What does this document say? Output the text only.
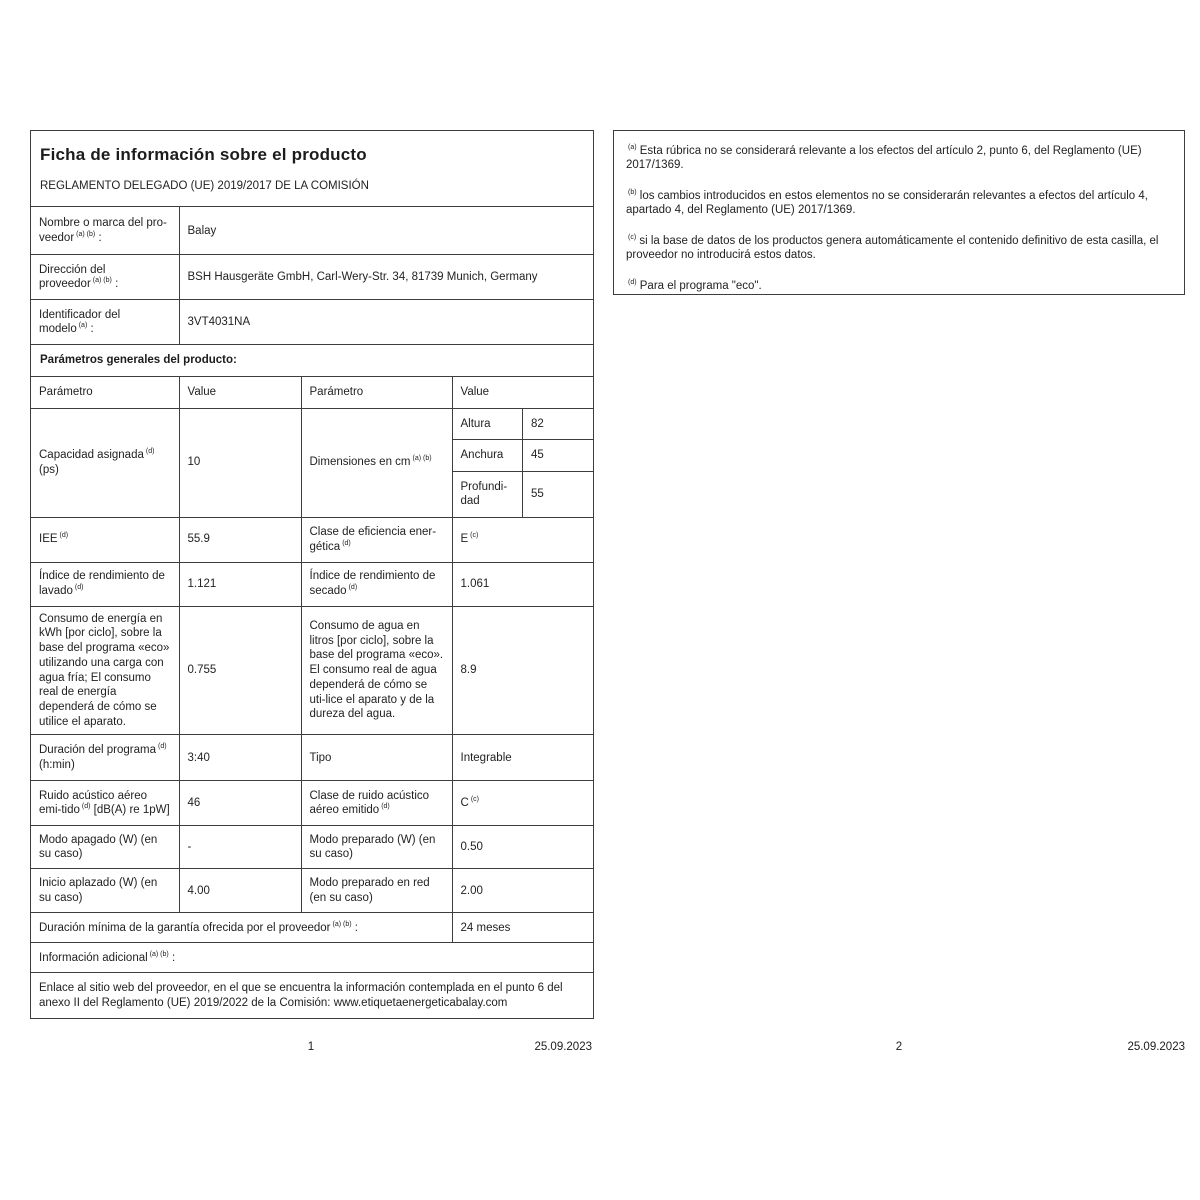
Ficha de información sobre el producto

REGLAMENTO DELEGADO (UE) 2019/2017 DE LA COMISIÓN

Nombre o marca del pro-veedor $^{(a) (b)}$ :	Balay
Dirección del proveedor $^{(a) (b)}$ :	BSH Hausgeräte GmbH, Carl-Wery-Str. 34, 81739 Munich, Germany
Identificador del modelo $^{(a)}$ :	3VT4031NA
Parámetros generales del producto:
Parámetro	Value	Parámetro	Value
Capacidad asignada $^{(d)}$ (ps)	10	Dimensiones en cm $^{(a) (b)}$	
Altura	82
Anchura	45
Profundi-dad	55

IEE $^{(d)}$	55.9	Clase de eficiencia ener-gética $^{(d)}$	E $^{(c)}$
Índice de rendimiento de lavado $^{(d)}$	1.121	Índice de rendimiento de secado $^{(d)}$	1.061
Consumo de energía en kWh [por ciclo], sobre la base del programa «eco» utilizando una carga con agua fría; El consumo real de energía dependerá de cómo se utilice el aparato.	0.755	Consumo de agua en litros [por ciclo], sobre la base del programa «eco». El consumo real de agua dependerá de cómo se uti-lice el aparato y de la dureza del agua.	8.9
Duración del programa $^{(d)}$ (h:min)	3:40	Tipo	Integrable
Ruido acústico aéreo emi-tido $^{(d)}$ [dB(A) re 1pW]	46	Clase de ruido acústico aéreo emitido $^{(d)}$	C $^{(c)}$
Modo apagado (W) (en su caso)	-	Modo preparado (W) (en su caso)	0.50
Inicio aplazado (W) (en su caso)	4.00	Modo preparado en red (en su caso)	2.00
Duración mínima de la garantía ofrecida por el proveedor $^{(a) (b)}$ :	24 meses
Información adicional $^{(a) (b)}$ :
Enlace al sitio web del proveedor, en el que se encuentra la información contemplada en el punto 6 del anexo II del Reglamento (UE) 2019/2022 de la Comisión: www.etiquetaenergeticabalay.com

$^{(a)}$ Esta rúbrica no se considerará relevante a los efectos del artículo 2, punto 6, del Reglamento (UE) 2017/1369.

$^{(b)}$ los cambios introducidos en estos elementos no se considerarán relevantes a efectos del artículo 4, apartado 4, del Reglamento (UE) 2017/1369.

$^{(c)}$ si la base de datos de los productos genera automáticamente el contenido definitivo de esta casilla, el proveedor no introducirá estos datos.

$^{(d)}$ Para el programa "eco".

1	25.09.2023	2	25.09.2023
